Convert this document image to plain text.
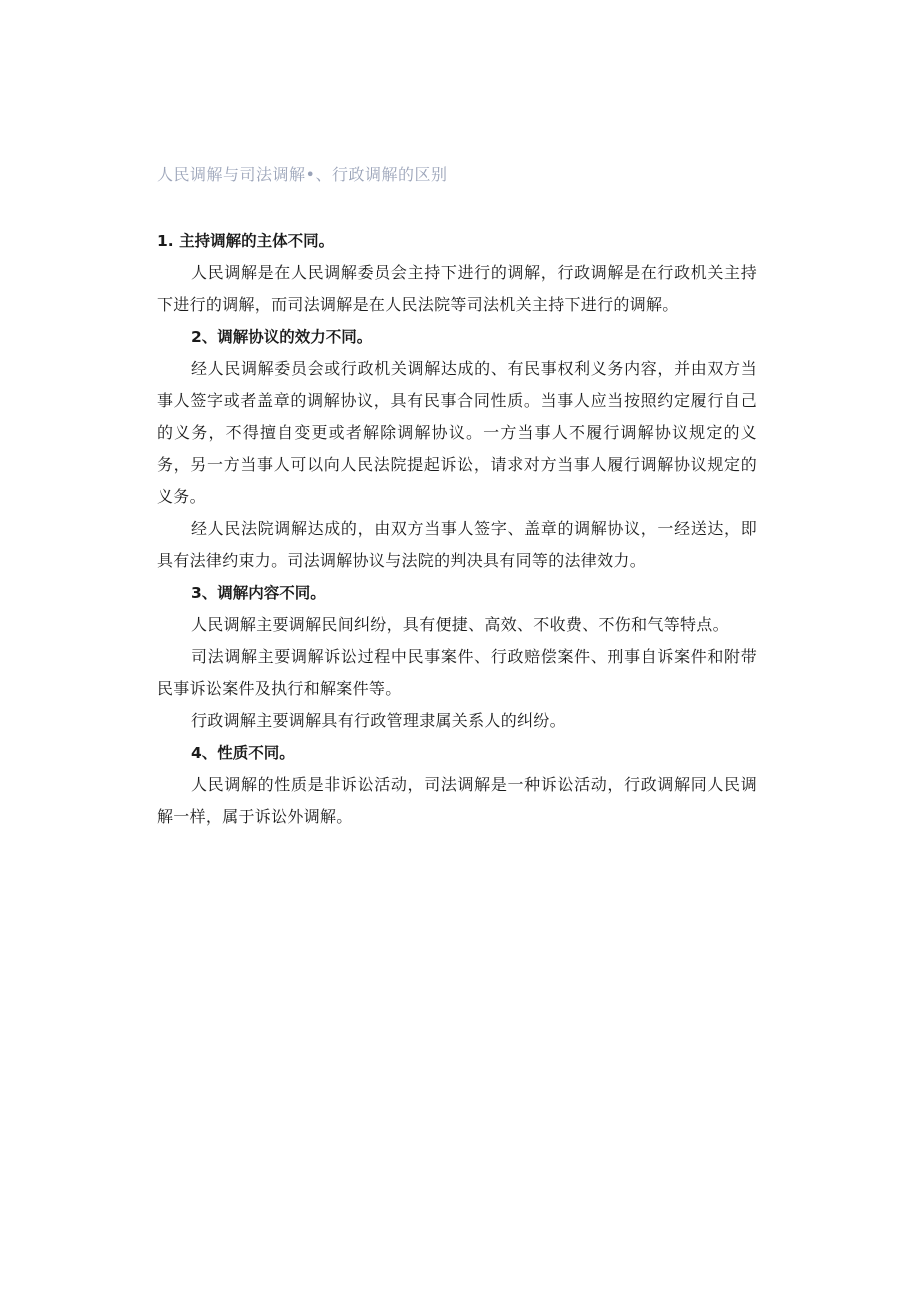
人民调解与司法调解•、行政调解的区别

1. 主持调解的主体不同。

人民调解是在人民调解委员会主持下进行的调解，行政调解是在行政机关主持下进行的调解，而司法调解是在人民法院等司法机关主持下进行的调解。

2、调解协议的效力不同。

经人民调解委员会或行政机关调解达成的、有民事权利义务内容，并由双方当事人签字或者盖章的调解协议，具有民事合同性质。当事人应当按照约定履行自己的义务，不得擅自变更或者解除调解协议。一方当事人不履行调解协议规定的义务，另一方当事人可以向人民法院提起诉讼，请求对方当事人履行调解协议规定的义务。

经人民法院调解达成的，由双方当事人签字、盖章的调解协议，一经送达，即具有法律约束力。司法调解协议与法院的判决具有同等的法律效力。

3、调解内容不同。

人民调解主要调解民间纠纷，具有便捷、高效、不收费、不伤和气等特点。

司法调解主要调解诉讼过程中民事案件、行政赔偿案件、刑事自诉案件和附带民事诉讼案件及执行和解案件等。

行政调解主要调解具有行政管理隶属关系人的纠纷。

4、性质不同。

人民调解的性质是非诉讼活动，司法调解是一种诉讼活动，行政调解同人民调解一样，属于诉讼外调解。
